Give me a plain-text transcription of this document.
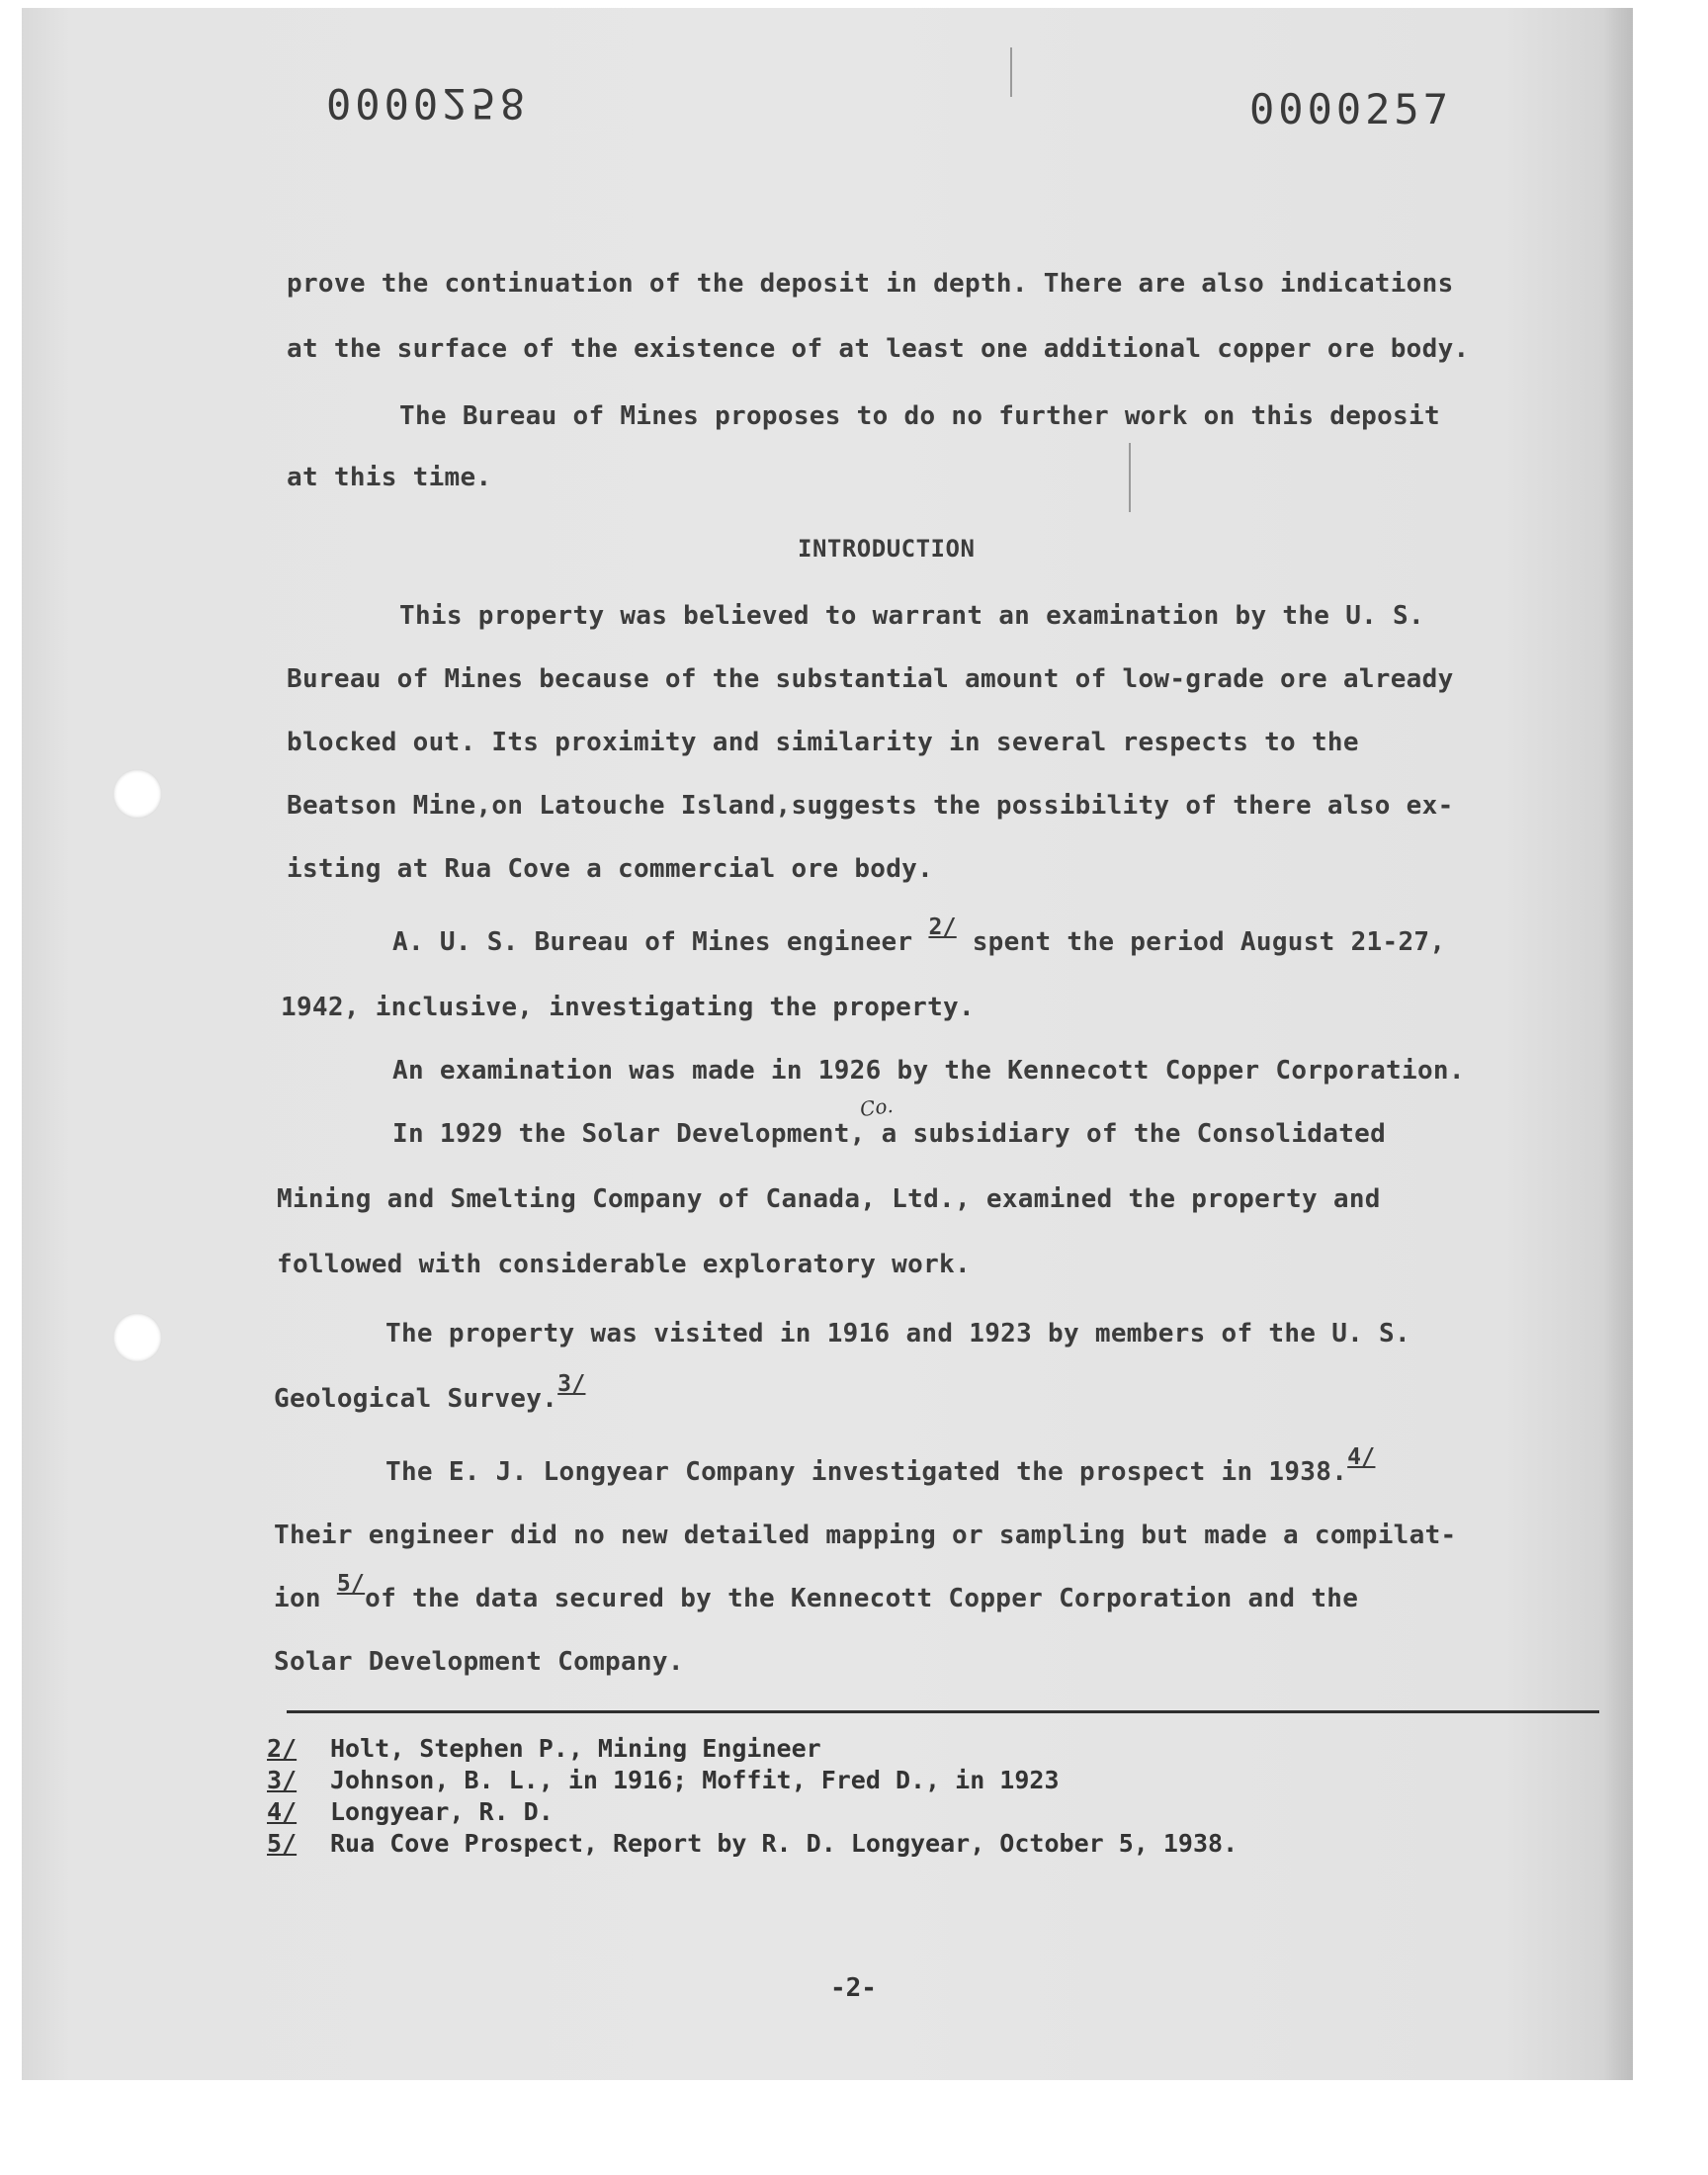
0000258	0000257
prove the continuation of the deposit in depth. There are also indications
at the surface of the existence of at least one additional copper ore body.
The Bureau of Mines proposes to do no further work on this deposit
at this time.
INTRODUCTION
This property was believed to warrant an examination by the U. S.
Bureau of Mines because of the substantial amount of low-grade ore already
blocked out. Its proximity and similarity in several respects to the
Beatson Mine,on Latouche Island,suggests the possibility of there also ex-
isting at Rua Cove a commercial ore body.
A. U. S. Bureau of Mines engineer 2/ spent the period August 21-27,
1942, inclusive, investigating the property.
An examination was made in 1926 by the Kennecott Copper Corporation.
Co.
In 1929 the Solar Development, a subsidiary of the Consolidated
Mining and Smelting Company of Canada, Ltd., examined the property and
followed with considerable exploratory work.
The property was visited in 1916 and 1923 by members of the U. S.
Geological Survey.3/
The E. J. Longyear Company investigated the prospect in 1938.4/
Their engineer did no new detailed mapping or sampling but made a compilat-
ion 5/of the data secured by the Kennecott Copper Corporation and the
Solar Development Company.
2/ Holt, Stephen P., Mining Engineer
3/ Johnson, B. L., in 1916; Moffit, Fred D., in 1923
4/ Longyear, R. D.
5/ Rua Cove Prospect, Report by R. D. Longyear, October 5, 1938.
-2-
